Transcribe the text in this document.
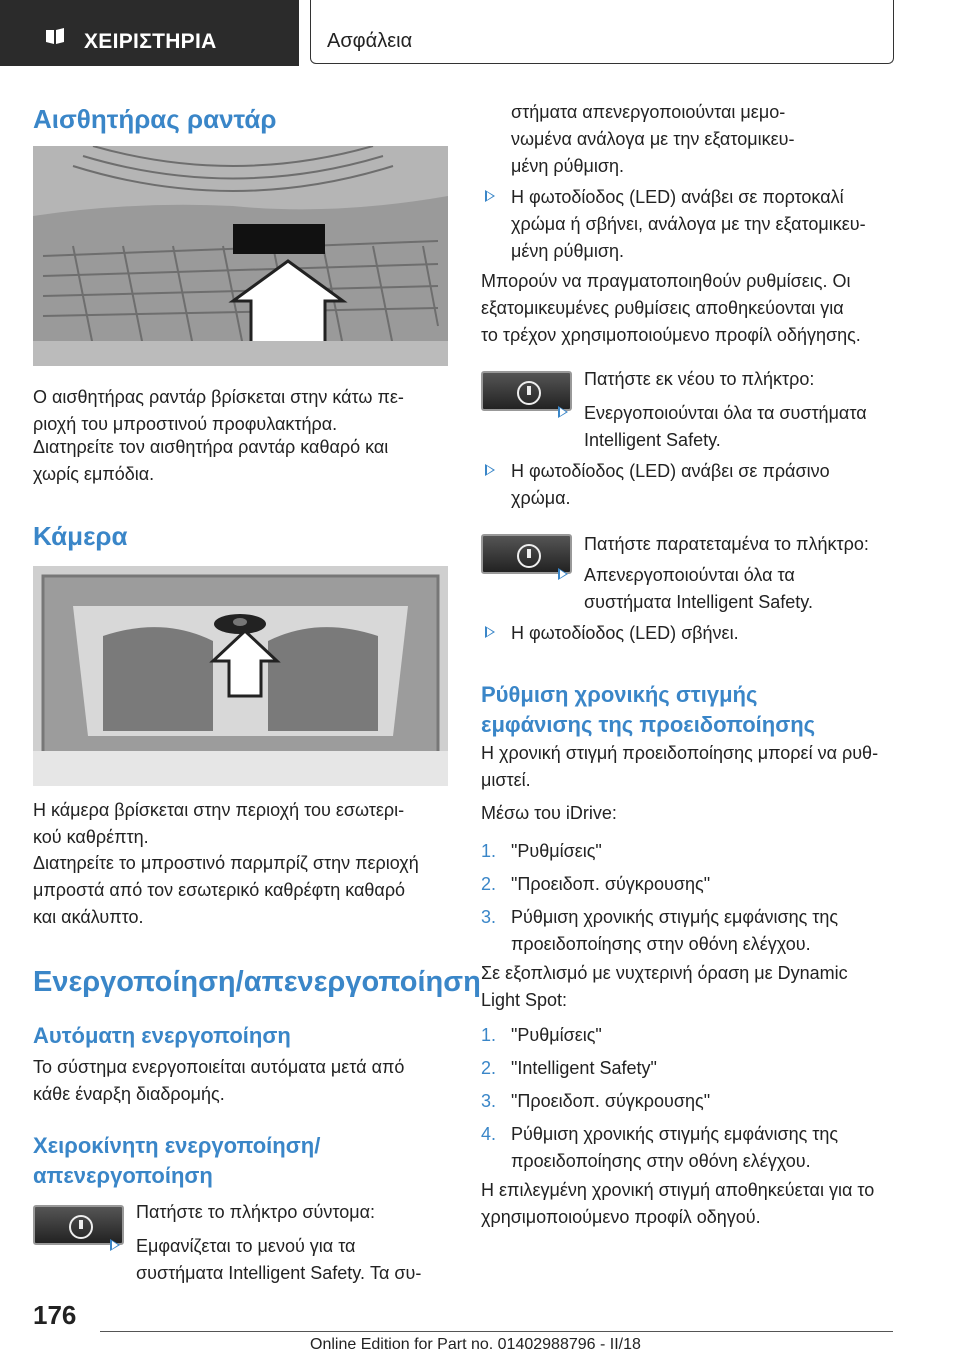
ΧΕΙΡΙΣΤΗΡΙΑ	Ασφάλεια
Αισθητήρας ραντάρ

Ο αισθητήρας ραντάρ βρίσκεται στην κάτω πε-

ριοχή του μπροστινού προφυλακτήρα.

Διατηρείτε τον αισθητήρα ραντάρ καθαρό και

χωρίς εμπόδια.

Κάμερα

Η κάμερα βρίσκεται στην περιοχή του εσωτερι-

κού καθρέπτη.

Διατηρείτε το μπροστινό παρμπρίζ στην περιοχή

μπροστά από τον εσωτερικό καθρέφτη καθαρό

και ακάλυπτο.

Ενεργοποίηση/απενεργοποίηση
Αυτόματη ενεργοποίηση

Το σύστημα ενεργοποιείται αυτόματα μετά από

κάθε έναρξη διαδρομής.

Χειροκίνητη ενεργοποίηση/
απενεργοποίηση

Πατήστε το πλήκτρο σύντομα:

Εμφανίζεται το μενού για τα
συστήματα Intelligent Safety. Τα συ-

στήματα απενεργοποιούνται μεμο-

νωμένα ανάλογα με την εξατομικευ-

μένη ρύθμιση.

Η φωτοδίοδος (LED) ανάβει σε πορτοκαλί
χρώμα ή σβήνει, ανάλογα με την εξατομικευ-
μένη ρύθμιση.

Μπορούν να πραγματοποιηθούν ρυθμίσεις. Οι

εξατομικευμένες ρυθμίσεις αποθηκεύονται για

το τρέχον χρησιμοποιούμενο προφίλ οδήγησης.

Πατήστε εκ νέου το πλήκτρο:

Ενεργοποιούνται όλα τα συστήματα
Intelligent Safety.
Η φωτοδίοδος (LED) ανάβει σε πράσινο
χρώμα.

Πατήστε παρατεταμένα το πλήκτρο:

Απενεργοποιούνται όλα τα
συστήματα Intelligent Safety.
Η φωτοδίοδος (LED) σβήνει.
Ρύθμιση χρονικής στιγμής
εμφάνισης της προειδοποίησης

Η χρονική στιγμή προειδοποίησης μπορεί να ρυθ-

μιστεί.

Μέσω του iDrive:

1. "Ρυθμίσεις"
2. "Προειδοπ. σύγκρουσης"
3. Ρύθμιση χρονικής στιγμής εμφάνισης της
προειδοποίησης στην οθόνη ελέγχου.

Σε εξοπλισμό με νυχτερινή όραση με Dynamic

Light Spot:

1. "Ρυθμίσεις"
2. "Intelligent Safety"
3. "Προειδοπ. σύγκρουσης"
4. Ρύθμιση χρονικής στιγμής εμφάνισης της
προειδοποίησης στην οθόνη ελέγχου.

Η επιλεγμένη χρονική στιγμή αποθηκεύεται για το

χρησιμοποιούμενο προφίλ οδηγού.

176
Online Edition for Part no. 01402988796 - II/18
